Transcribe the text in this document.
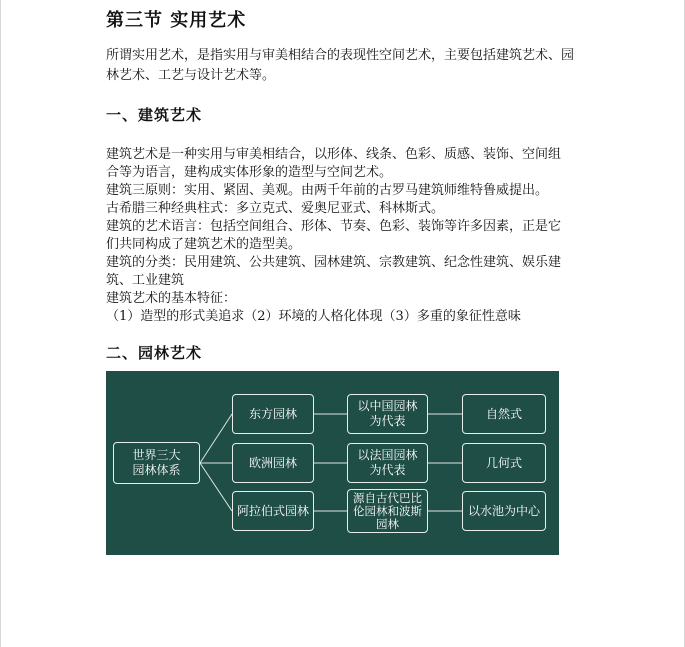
第三节 实用艺术

所谓实用艺术，是指实用与审美相结合的表现性空间艺术，主要包括建筑艺术、园林艺术、工艺与设计艺术等。

一、建筑艺术
建筑艺术是一种实用与审美相结合，以形体、线条、色彩、质感、装饰、空间组
合等为语言，建构成实体形象的造型与空间艺术。
建筑三原则：实用、紧固、美观。由两千年前的古罗马建筑师维特鲁威提出。
古希腊三种经典柱式：多立克式、爱奥尼亚式、科林斯式。
建筑的艺术语言：包括空间组合、形体、节奏、色彩、装饰等许多因素，正是它
们共同构成了建筑艺术的造型美。
建筑的分类：民用建筑、公共建筑、园林建筑、宗教建筑、纪念性建筑、娱乐建
筑、工业建筑
建筑艺术的基本特征：
（1）造型的形式美追求（2）环境的人格化体现（3）多重的象征性意味
二、园林艺术
世界三大
园林体系
东方园林
欧洲园林
阿拉伯式园林
以中国园林
为代表
以法国园林
为代表
源自古代巴比
伦园林和波斯
园林
自然式
几何式
以水池为中心
